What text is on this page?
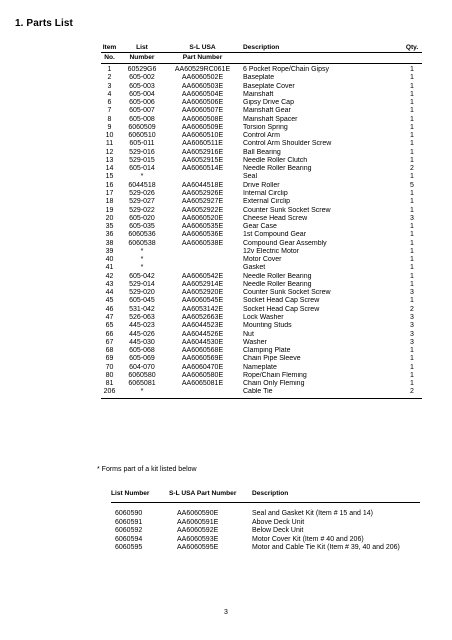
1. Parts List
Item	List	S-L USA	Description	Qty.
No.	Number	Part Number		
1	60529G6	AA60529RC061E	6 Pocket Rope/Chain Gipsy	1
2	605-002	AA6060502E	Baseplate	1
3	605-003	AA6060503E	Baseplate Cover	1
4	605-004	AA6060504E	Mainshaft	1
6	605-006	AA6060506E	Gipsy Drive Cap	1
7	605-007	AA6060507E	Mainshaft Gear	1
8	605-008	AA6060508E	Mainshaft Spacer	1
9	6060509	AA6060509E	Torsion Spring	1
10	6060510	AA6060510E	Control Arm	1
11	605-011	AA6060511E	Control Arm Shoulder Screw	1
12	529-016	AA6052916E	Ball Bearing	1
13	529-015	AA6052915E	Needle Roller Clutch	1
14	605-014	AA6060514E	Needle Roller Bearing	2
15	*		Seal	1
16	6044518	AA6044518E	Drive Roller	5
17	529-026	AA6052926E	Internal Circlip	1
18	529-027	AA6052927E	External Circlip	1
19	529-022	AA6052922E	Counter Sunk Socket Screw	1
20	605-020	AA6060520E	Cheese Head Screw	3
35	605-035	AA6060535E	Gear Case	1
36	6060536	AA6060536E	1st Compound Gear	1
38	6060538	AA6060538E	Compound Gear Assembly	1
39	*		12v Electric Motor	1
40	*		Motor Cover	1
41	*		Gasket	1
42	605-042	AA6060542E	Needle Roller Bearing	1
43	529-014	AA6052914E	Needle Roller Bearing	1
44	529-020	AA6052920E	Counter Sunk Socket Screw	3
45	605-045	AA6060545E	Socket Head Cap Screw	1
46	531-042	AA6053142E	Socket Head Cap Screw	2
47	526-063	AA6052663E	Lock Washer	3
65	445-023	AA6044523E	Mounting Studs	3
66	445-026	AA6044526E	Nut	3
67	445-030	AA6044530E	Washer	3
68	605-068	AA6060568E	Clamping Plate	1
69	605-069	AA6060569E	Chain Pipe Sleeve	1
70	604-070	AA6060470E	Nameplate	1
80	6060580	AA6060580E	Rope/Chain Fleming	1
81	6065081	AA6065081E	Chain Only Fleming	1
206	*		Cable Tie	2
* Forms part of a kit listed below
List Number	S-L USA Part Number	Description
6060590	AA6060590E	Seal and Gasket Kit (Item # 15 and 14)
6060591	AA6060591E	Above Deck Unit
6060592	AA6060592E	Below Deck Unit
6060594	AA6060593E	Motor Cover Kit (Item # 40 and 206)
6060595	AA6060595E	Motor and Cable Tie Kit (Item # 39, 40 and 206)
3
